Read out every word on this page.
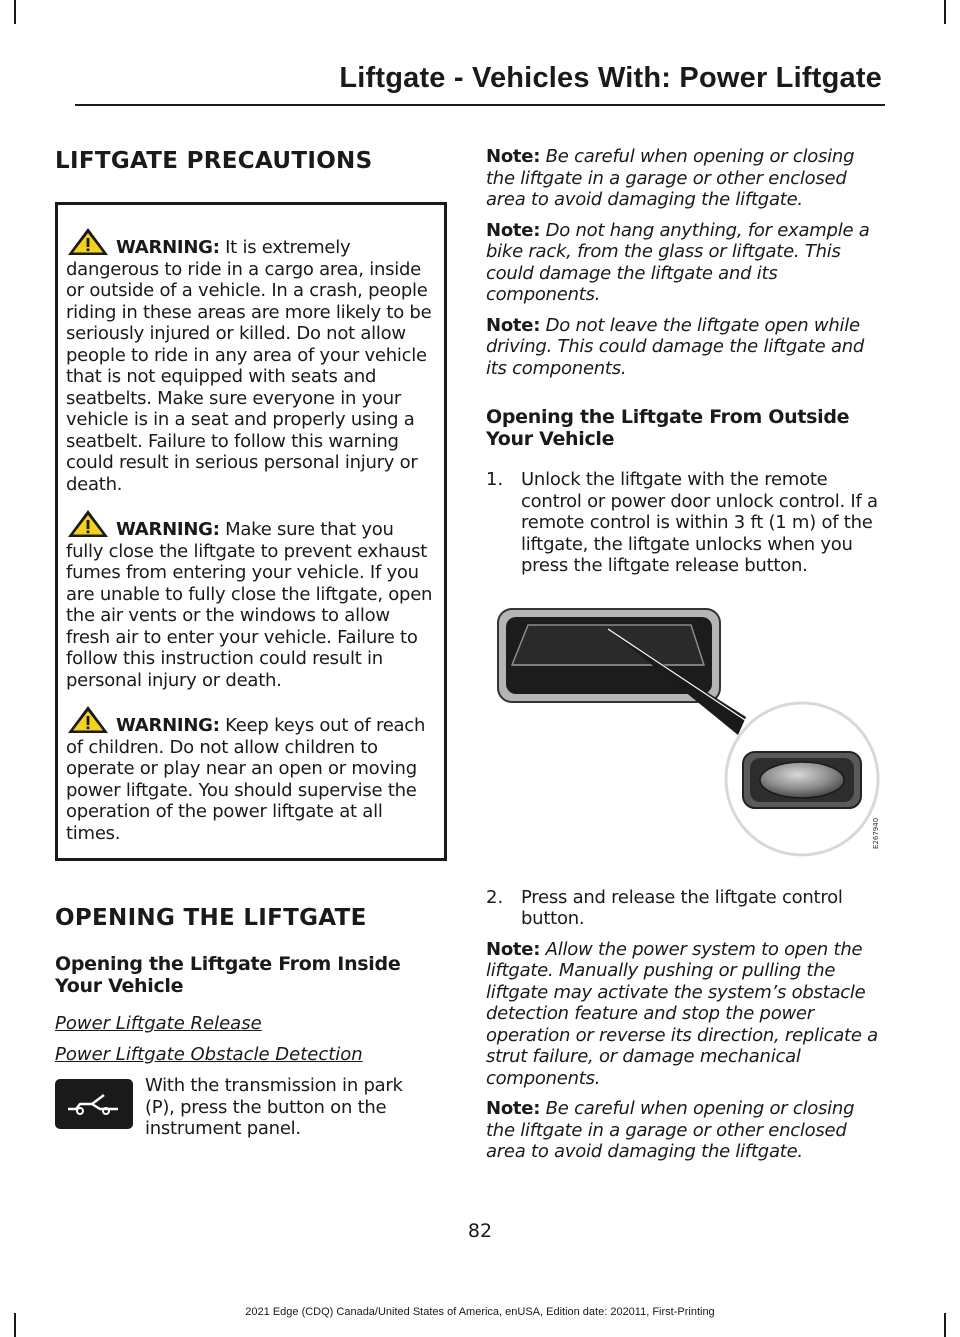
Liftgate - Vehicles With: Power Liftgate
LIFTGATE PRECAUTIONS
WARNING: It is extremely dangerous to ride in a cargo area, inside or outside of a vehicle. In a crash, people riding in these areas are more likely to be seriously injured or killed. Do not allow people to ride in any area of your vehicle that is not equipped with seats and seatbelts. Make sure everyone in your vehicle is in a seat and properly using a seatbelt. Failure to follow this warning could result in serious personal injury or death.
WARNING: Make sure that you fully close the liftgate to prevent exhaust fumes from entering your vehicle. If you are unable to fully close the liftgate, open the air vents or the windows to allow fresh air to enter your vehicle. Failure to follow this instruction could result in personal injury or death.
WARNING: Keep keys out of reach of children. Do not allow children to operate or play near an open or moving power liftgate. You should supervise the operation of the power liftgate at all times.
OPENING THE LIFTGATE
Opening the Liftgate From Inside Your Vehicle
Power Liftgate Release
Power Liftgate Obstacle Detection

With the transmission in park (P), press the button on the instrument panel.

Note: Be careful when opening or closing the liftgate in a garage or other enclosed area to avoid damaging the liftgate.

Note: Do not hang anything, for example a bike rack, from the glass or liftgate. This could damage the liftgate and its components.

Note: Do not leave the liftgate open while driving. This could damage the liftgate and its components.

Opening the Liftgate From Outside Your Vehicle
1. Unlock the liftgate with the remote control or power door unlock control. If a remote control is within 3 ft (1 m) of the liftgate, the liftgate unlocks when you press the liftgate release button.
E267940
2. Press and release the liftgate control button.

Note: Allow the power system to open the liftgate. Manually pushing or pulling the liftgate may activate the system’s obstacle detection feature and stop the power operation or reverse its direction, replicate a strut failure, or damage mechanical components.

Note: Be careful when opening or closing the liftgate in a garage or other enclosed area to avoid damaging the liftgate.

82
2021 Edge (CDQ) Canada/United States of America, enUSA, Edition date: 202011, First-Printing
